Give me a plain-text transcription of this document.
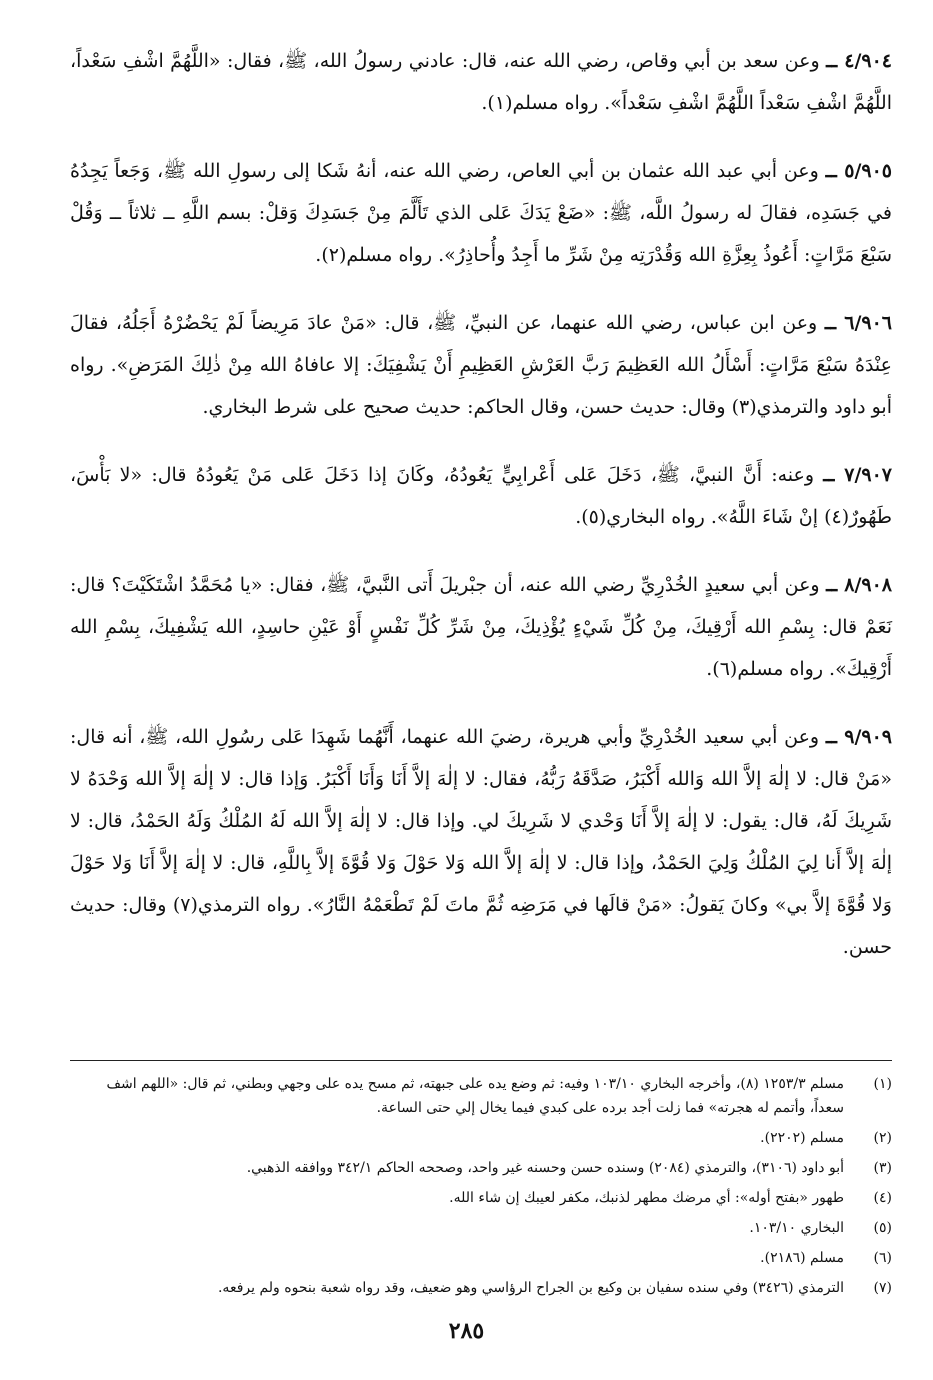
٤/٩٠٤ ــ وعن سعد بن أبي وقاص، رضي الله عنه، قال: عادني رسولُ الله، ﷺ، فقال: «اللَّهُمَّ اشْفِ سَعْداً، اللَّهُمَّ اشْفِ سَعْداً اللَّهُمَّ اشْفِ سَعْداً». رواه مسلم(١).

٥/٩٠٥ ــ وعن أبي عبد الله عثمان بن أبي العاص، رضي الله عنه، أنهُ شَكا إلى رسولِ الله ﷺ، وَجَعاً يَجِدُهُ في جَسَدِه، فقالَ له رسولُ اللَّه، ﷺ: «ضَعْ يَدَكَ عَلى الذي تَأَلَّمَ مِنْ جَسَدِكَ وَقلْ: بسم اللَّهِ ــ ثلاثاً ــ وَقُلْ سَبْعَ مَرَّاتٍ: أَعُوذُ بِعِزَّةِ الله وَقُدْرَتِه مِنْ شَرِّ ما أَجِدُ وأُحاذِرُ». رواه مسلم(٢).

٦/٩٠٦ ــ وعن ابن عباس، رضي الله عنهما، عن النبيِّ، ﷺ، قال: «مَنْ عادَ مَرِيضاً لَمْ يَحْضُرْهُ أَجَلُهُ، فقالَ عِنْدَهُ سَبْعَ مَرَّاتٍ: أَسْأَلُ الله العَظِيمَ رَبَّ العَرْشِ العَظِيمِ أَنْ يَشْفِيَكَ: إلا عافاهُ الله مِنْ ذٰلِكَ المَرَضِ». رواه أبو داود والترمذي(٣) وقال: حديث حسن، وقال الحاكم: حديث صحيح على شرط البخاري.

٧/٩٠٧ ــ وعنه: أَنَّ النبيَّ، ﷺ، دَخَلَ عَلى أَعْرابِيٍّ يَعُودُهُ، وكَانَ إذا دَخَلَ عَلى مَنْ يَعُودُهُ قال: «لا بَأْسَ، طَهُورٌ(٤) إنْ شَاءَ اللَّهُ». رواه البخاري(٥).

٨/٩٠٨ ــ وعن أبي سعيدٍ الخُدْرِيِّ رضي الله عنه، أن جبْريلَ أَتى النَّبيَّ، ﷺ، فقال: «يا مُحَمَّدُ اشْتَكَيْتَ؟ قال: نَعَمْ قال: بِسْمِ الله أَرْقِيكَ، مِنْ كُلِّ شَيْءٍ يُؤْذِيكَ، مِنْ شَرِّ كُلِّ نَفْسٍ أَوْ عَيْنِ حاسِدٍ، الله يَشْفِيكَ، بِسْمِ الله أَرْقِيكَ». رواه مسلم(٦).

٩/٩٠٩ ــ وعن أبي سعيد الخُدْرِيِّ وأبي هريرة، رضيَ الله عنهما، أَنَّهُما شَهِدَا عَلى رسُولِ الله، ﷺ، أنه قال: «مَنْ قال: لا إلٰهَ إلاَّ الله وَالله أَكْبَرُ، صَدَّقَهُ رَبُّهُ، فقال: لا إلٰهَ إلاَّ أَنَا وَأَنَا أَكْبَرُ. وَإذا قال: لا إلٰهَ إلاَّ الله وَحْدَهُ لا شَرِيكَ لَهُ، قال: يقول: لا إلٰهَ إلاَّ أَنَا وَحْدي لا شَرِيكَ لي. وإذا قال: لا إلٰهَ إلاَّ الله لَهُ المُلْكُ وَلَهُ الحَمْدُ، قال: لا إلٰهَ إلاَّ أَنا لِيَ المُلْكُ وَلِيَ الحَمْدُ، وإذا قال: لا إلٰهَ إلاَّ الله وَلا حَوْلَ وَلا قُوَّةَ إلاَّ بِاللَّهِ، قال: لا إلٰهَ إلاَّ أَنَا وَلا حَوْلَ وَلا قُوَّةَ إلاَّ بي» وكانَ يَقولُ: «مَنْ قالَها في مَرَضِه ثُمَّ ماتَ لَمْ تَطْعَمْهُ النَّارُ». رواه الترمذي(٧) وقال: حديث حسن.

(١)
مسلم ١٢٥٣/٣ (٨)، وأخرجه البخاري ١٠٣/١٠ وفيه: ثم وضع يده على جبهته، ثم مسح يده على وجهي وبطني، ثم قال: «اللهم اشف سعداً، وأتمم له هجرته» فما زلت أجد برده على كبدي فيما يخال إلي حتى الساعة.
(٢)
مسلم (٢٢٠٢).
(٣)
أبو داود (٣١٠٦)، والترمذي (٢٠٨٤) وسنده حسن وحسنه غير واحد، وصححه الحاكم ٣٤٢/١ ووافقه الذهبي.
(٤)
طهور «بفتح أوله»: أي مرضك مطهر لذنبك، مكفر لعيبك إن شاء الله.
(٥)
البخاري ١٠٣/١٠.
(٦)
مسلم (٢١٨٦).
(٧)
الترمذي (٣٤٢٦) وفي سنده سفيان بن وكيع بن الجراح الرؤاسي وهو ضعيف، وقد رواه شعبة بنحوه ولم يرفعه.
٢٨٥
